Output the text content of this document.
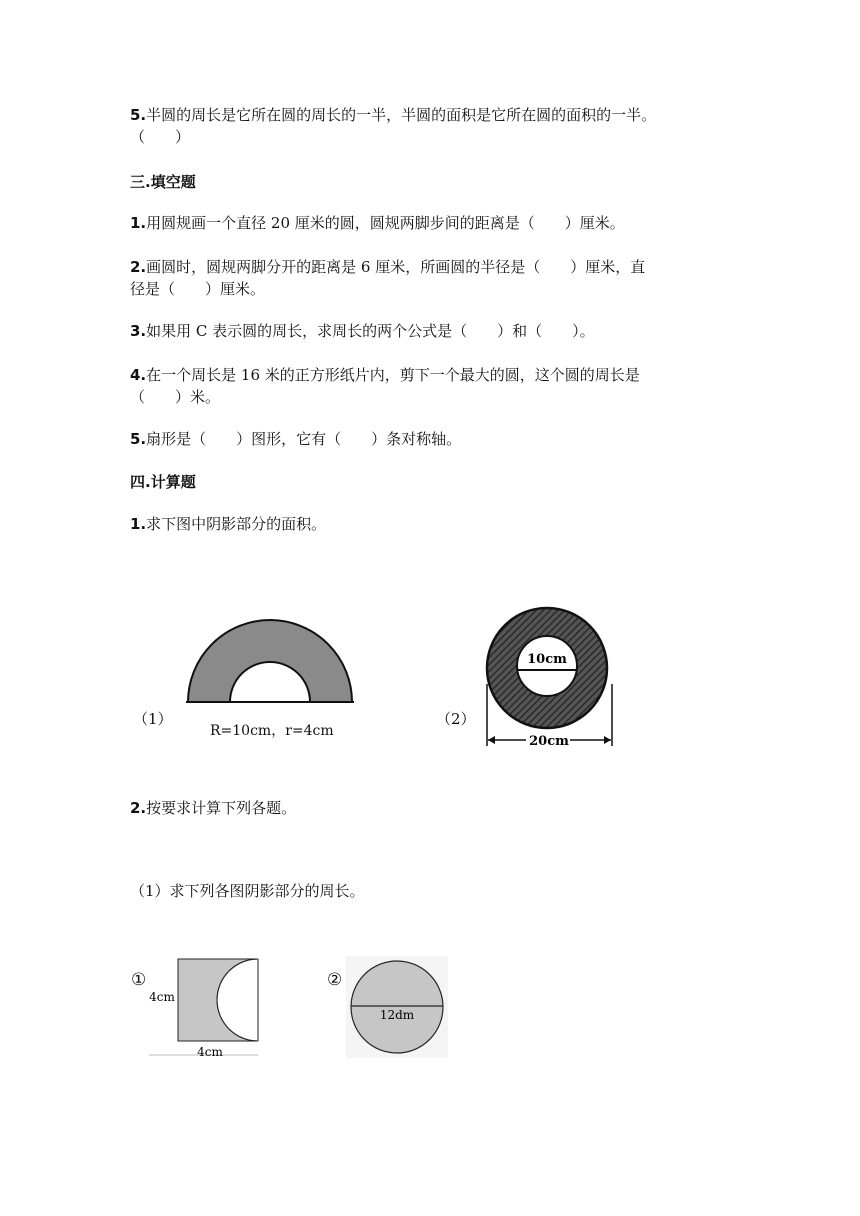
5.半圆的周长是它所在圆的周长的一半，半圆的面积是它所在圆的面积的一半。
（　　）
三.填空题
1.用圆规画一个直径 20 厘米的圆，圆规两脚步间的距离是（　　）厘米。
2.画圆时，圆规两脚分开的距离是 6 厘米，所画圆的半径是（　　）厘米，直
径是（　　）厘米。
3.如果用 C 表示圆的周长，求周长的两个公式是（　　）和（　　）。
4.在一个周长是 16 米的正方形纸片内，剪下一个最大的圆，这个圆的周长是
（　　）米。
5.扇形是（　　）图形，它有（　　）条对称轴。
四.计算题
1.求下图中阴影部分的面积。
（1）
R=10cm，r=4cm
（2）
10cm
20cm
2.按要求计算下列各题。
（1）求下列各图阴影部分的周长。
①
4cm
4cm
②
12dm
